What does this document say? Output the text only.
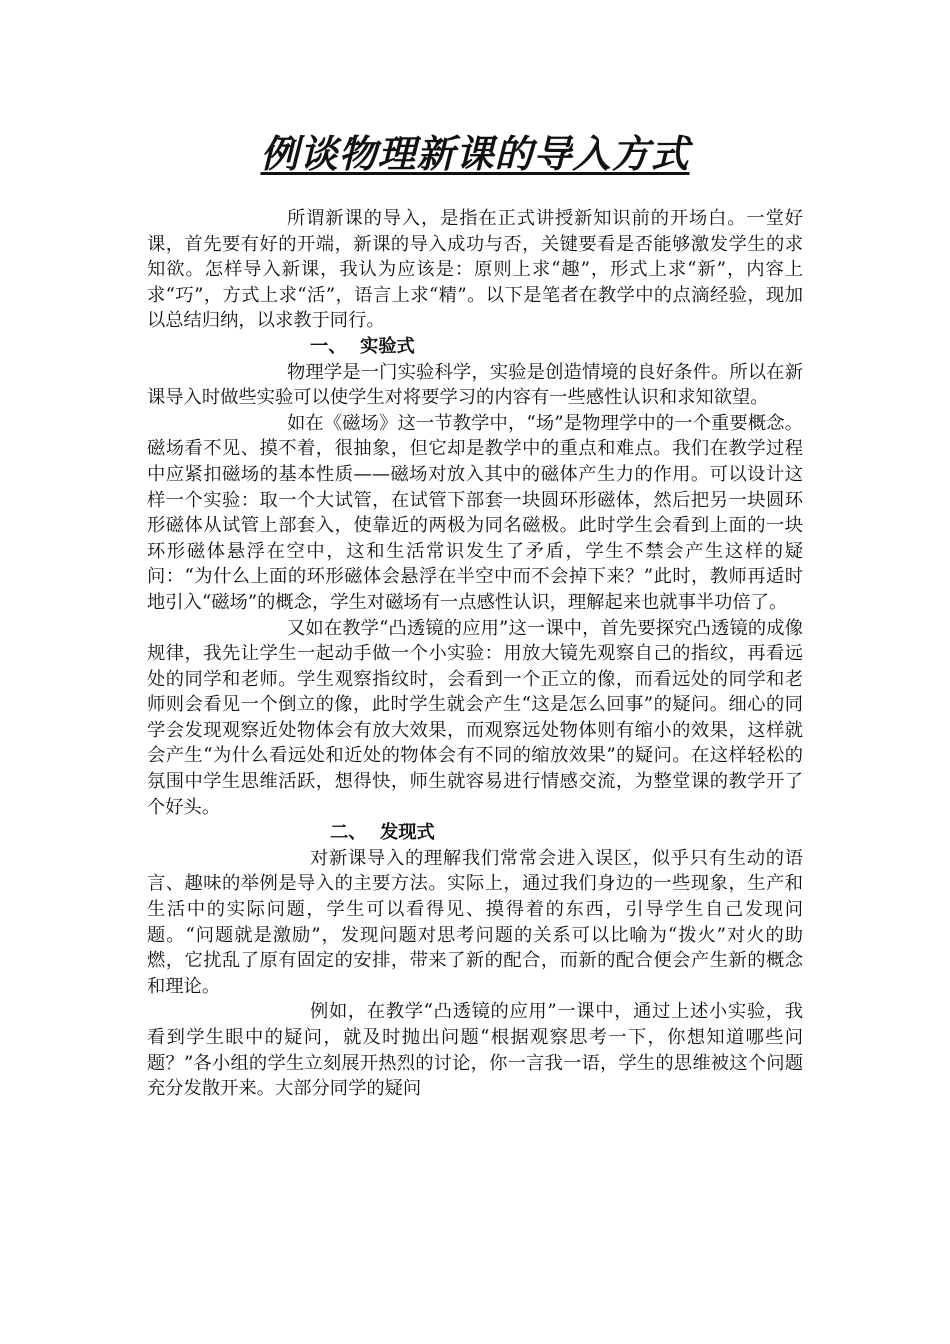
例谈物理新课的导入方式

所谓新课的导入，是指在正式讲授新知识前的开场白。一堂好课，首先要有好的开端，新课的导入成功与否，关键要看是否能够激发学生的求知欲。怎样导入新课，我认为应该是：原则上求“趣”，形式上求“新”，内容上求“巧”，方式上求“活”，语言上求“精”。以下是笔者在教学中的点滴经验，现加以总结归纳，以求教于同行。

一、 实验式

物理学是一门实验科学，实验是创造情境的良好条件。所以在新课导入时做些实验可以使学生对将要学习的内容有一些感性认识和求知欲望。

如在《磁场》这一节教学中，“场”是物理学中的一个重要概念。磁场看不见、摸不着，很抽象，但它却是教学中的重点和难点。我们在教学过程中应紧扣磁场的基本性质——磁场对放入其中的磁体产生力的作用。可以设计这样一个实验：取一个大试管，在试管下部套一块圆环形磁体，然后把另一块圆环形磁体从试管上部套入，使靠近的两极为同名磁极。此时学生会看到上面的一块环形磁体悬浮在空中，这和生活常识发生了矛盾，学生不禁会产生这样的疑问：“为什么上面的环形磁体会悬浮在半空中而不会掉下来？”此时，教师再适时地引入“磁场”的概念，学生对磁场有一点感性认识，理解起来也就事半功倍了。

又如在教学“凸透镜的应用”这一课中，首先要探究凸透镜的成像规律，我先让学生一起动手做一个小实验：用放大镜先观察自己的指纹，再看远处的同学和老师。学生观察指纹时，会看到一个正立的像，而看远处的同学和老师则会看见一个倒立的像，此时学生就会产生“这是怎么回事”的疑问。细心的同学会发现观察近处物体会有放大效果，而观察远处物体则有缩小的效果，这样就会产生“为什么看远处和近处的物体会有不同的缩放效果”的疑问。在这样轻松的氛围中学生思维活跃，想得快，师生就容易进行情感交流，为整堂课的教学开了个好头。

二、 发现式

对新课导入的理解我们常常会进入误区，似乎只有生动的语言、趣味的举例是导入的主要方法。实际上，通过我们身边的一些现象，生产和生活中的实际问题，学生可以看得见、摸得着的东西，引导学生自己发现问题。“问题就是激励”，发现问题对思考问题的关系可以比喻为“拨火”对火的助燃，它扰乱了原有固定的安排，带来了新的配合，而新的配合便会产生新的概念和理论。

例如，在教学“凸透镜的应用”一课中，通过上述小实验，我看到学生眼中的疑问，就及时抛出问题“根据观察思考一下，你想知道哪些问题？”各小组的学生立刻展开热烈的讨论，你一言我一语，学生的思维被这个问题充分发散开来。大部分同学的疑问
